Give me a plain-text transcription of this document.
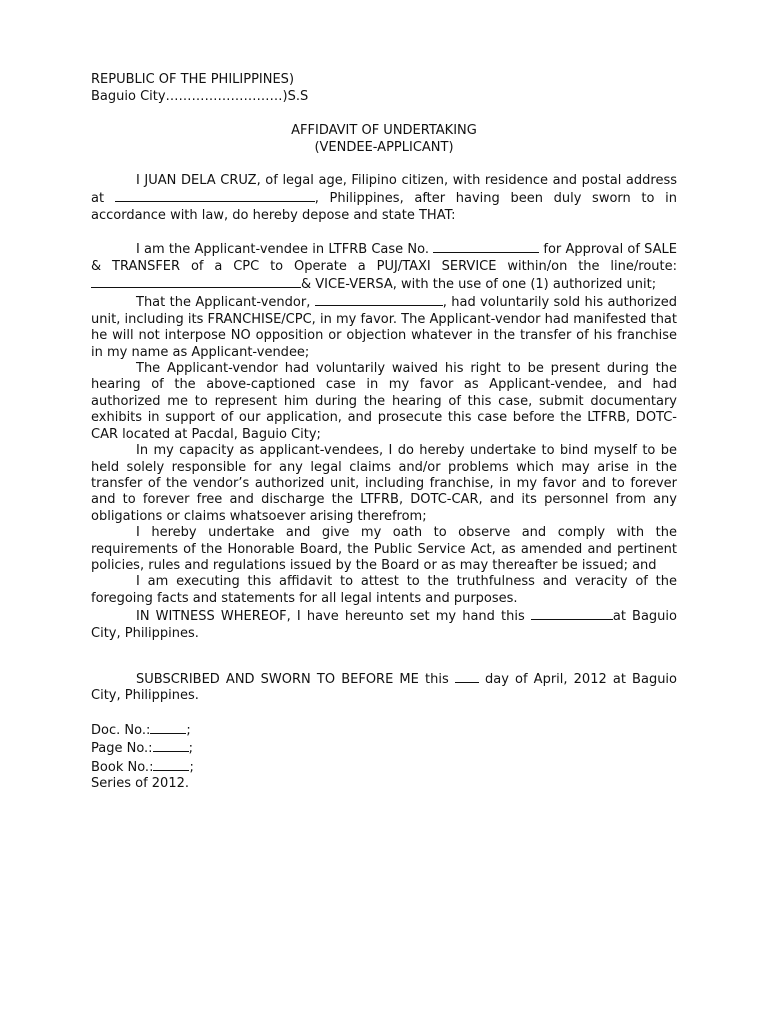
REPUBLIC OF THE PHILIPPINES)
Baguio City………………………)S.S

AFFIDAVIT OF UNDERTAKING

(VENDEE-APPLICANT)

I JUAN DELA CRUZ, of legal age, Filipino citizen, with residence and postal address at	, Philippines, after having been duly sworn to in accordance with law, do hereby depose and state THAT:

I am the Applicant-vendee in LTFRB Case No.	for Approval of SALE & TRANSFER of a CPC to Operate a PUJ/TAXI SERVICE within/on the line/route:& VICE-VERSA, with the use of one (1) authorized unit;

That the Applicant-vendor,	, had voluntarily sold his authorized unit, including its FRANCHISE/CPC, in my favor. The Applicant-vendor had manifested that he will not interpose NO opposition or objection whatever in the transfer of his franchise in my name as Applicant-vendee;

The Applicant-vendor had voluntarily waived his right to be present during the hearing of the above-captioned case in my favor as Applicant-vendee, and had authorized me to represent him during the hearing of this case, submit documentary exhibits in support of our application, and prosecute this case before the LTFRB, DOTC-CAR located at Pacdal, Baguio City;

In my capacity as applicant-vendees, I do hereby undertake to bind myself to be held solely responsible for any legal claims and/or problems which may arise in the transfer of the vendor’s authorized unit, including franchise, in my favor and to forever and to forever free and discharge the LTFRB, DOTC-CAR, and its personnel from any obligations or claims whatsoever arising therefrom;

I hereby undertake and give my oath to observe and comply with the requirements of the Honorable Board, the Public Service Act, as amended and pertinent policies, rules and regulations issued by the Board or as may thereafter be issued; and

I am executing this affidavit to attest to the truthfulness and veracity of the foregoing facts and statements for all legal intents and purposes.

IN WITNESS WHEREOF, I have hereunto set my hand this	at Baguio City, Philippines.

SUBSCRIBED AND SWORN TO BEFORE ME this  day of April, 2012 at Baguio City, Philippines.

Doc. No.:	;
Page No.:	;
Book No.:	;
Series of 2012.
